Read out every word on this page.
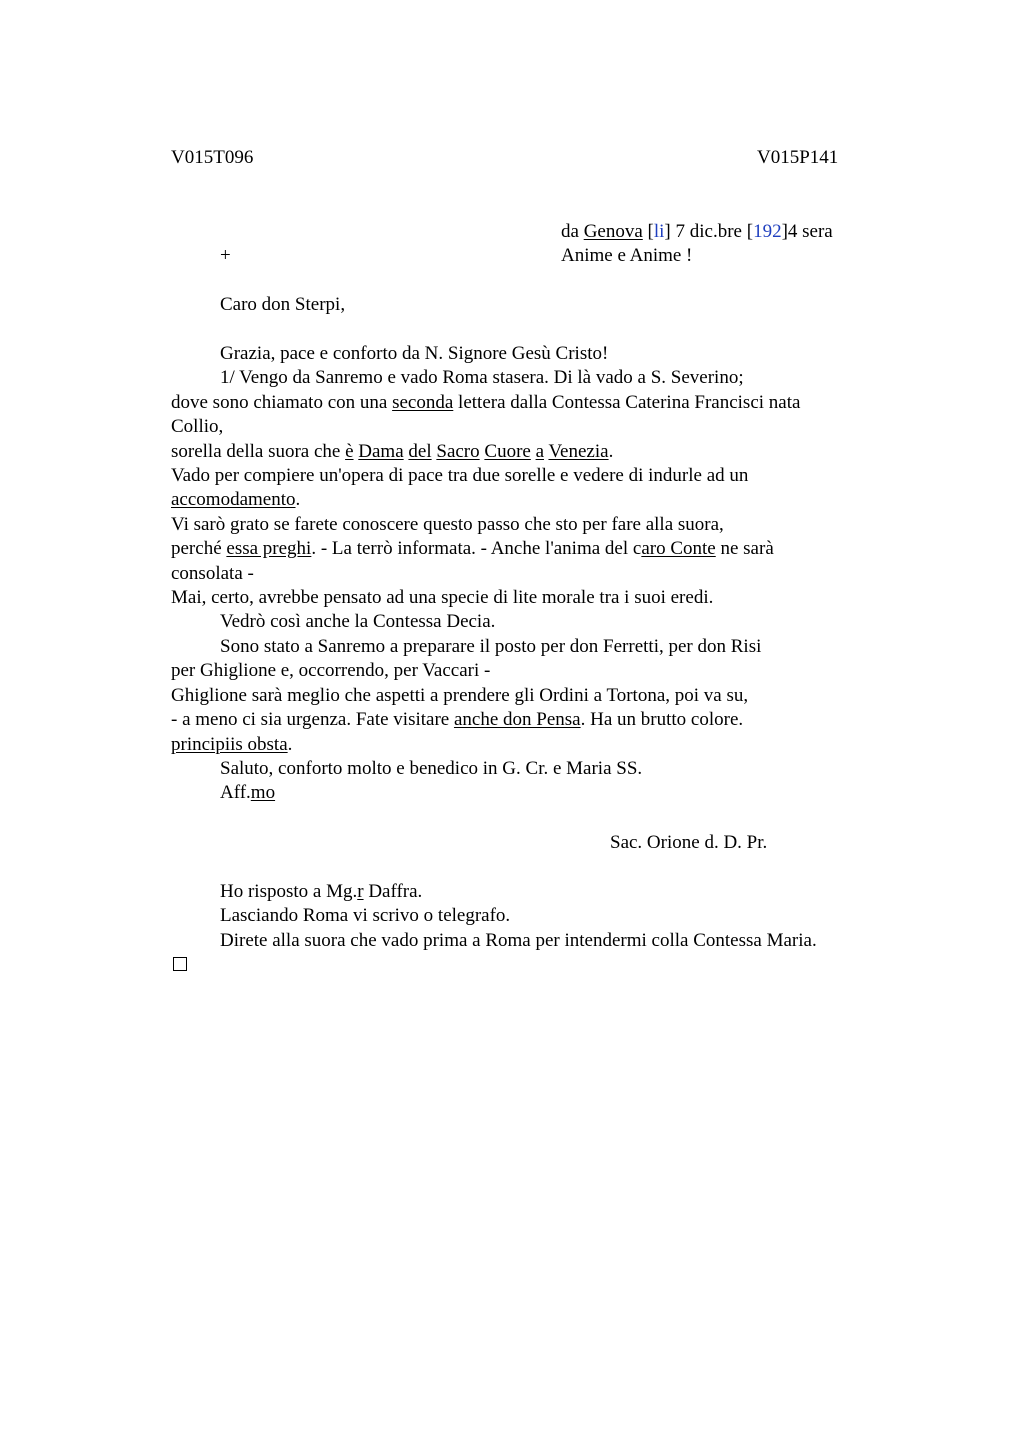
V015T096	V015P141
da Genova [li] 7 dic.bre [192]4 sera
+	Anime e Anime !
Caro don Sterpi,
Grazia, pace e conforto da N. Signore Gesù Cristo!
1/ Vengo da Sanremo e vado Roma stasera. Di là vado a S. Severino;
dove sono chiamato con una seconda lettera dalla Contessa Caterina Francisci nata
Collio,
sorella della suora che è Dama del Sacro Cuore a Venezia.
Vado per compiere un'opera di pace tra due sorelle e vedere di indurle ad un
accomodamento.
Vi sarò grato se farete conoscere questo passo che sto per fare alla suora,
perché essa preghi. - La terrò informata. - Anche l'anima del caro Conte ne sarà
consolata -
Mai, certo, avrebbe pensato ad una specie di lite morale tra i suoi eredi.
Vedrò così anche la Contessa Decia.
Sono stato a Sanremo a preparare il posto per don Ferretti, per don Risi
per Ghiglione e, occorrendo, per Vaccari -
Ghiglione sarà meglio che aspetti a prendere gli Ordini a Tortona, poi va su,
- a meno ci sia urgenza. Fate visitare anche don Pensa. Ha un brutto colore.
principiis obsta.
Saluto, conforto molto e benedico in G. Cr. e Maria SS.
Aff.mo
Sac. Orione d. D. Pr.
Ho risposto a Mg.r Daffra.
Lasciando Roma vi scrivo o telegrafo.
Direte alla suora che vado prima a Roma per intendermi colla Contessa Maria.
